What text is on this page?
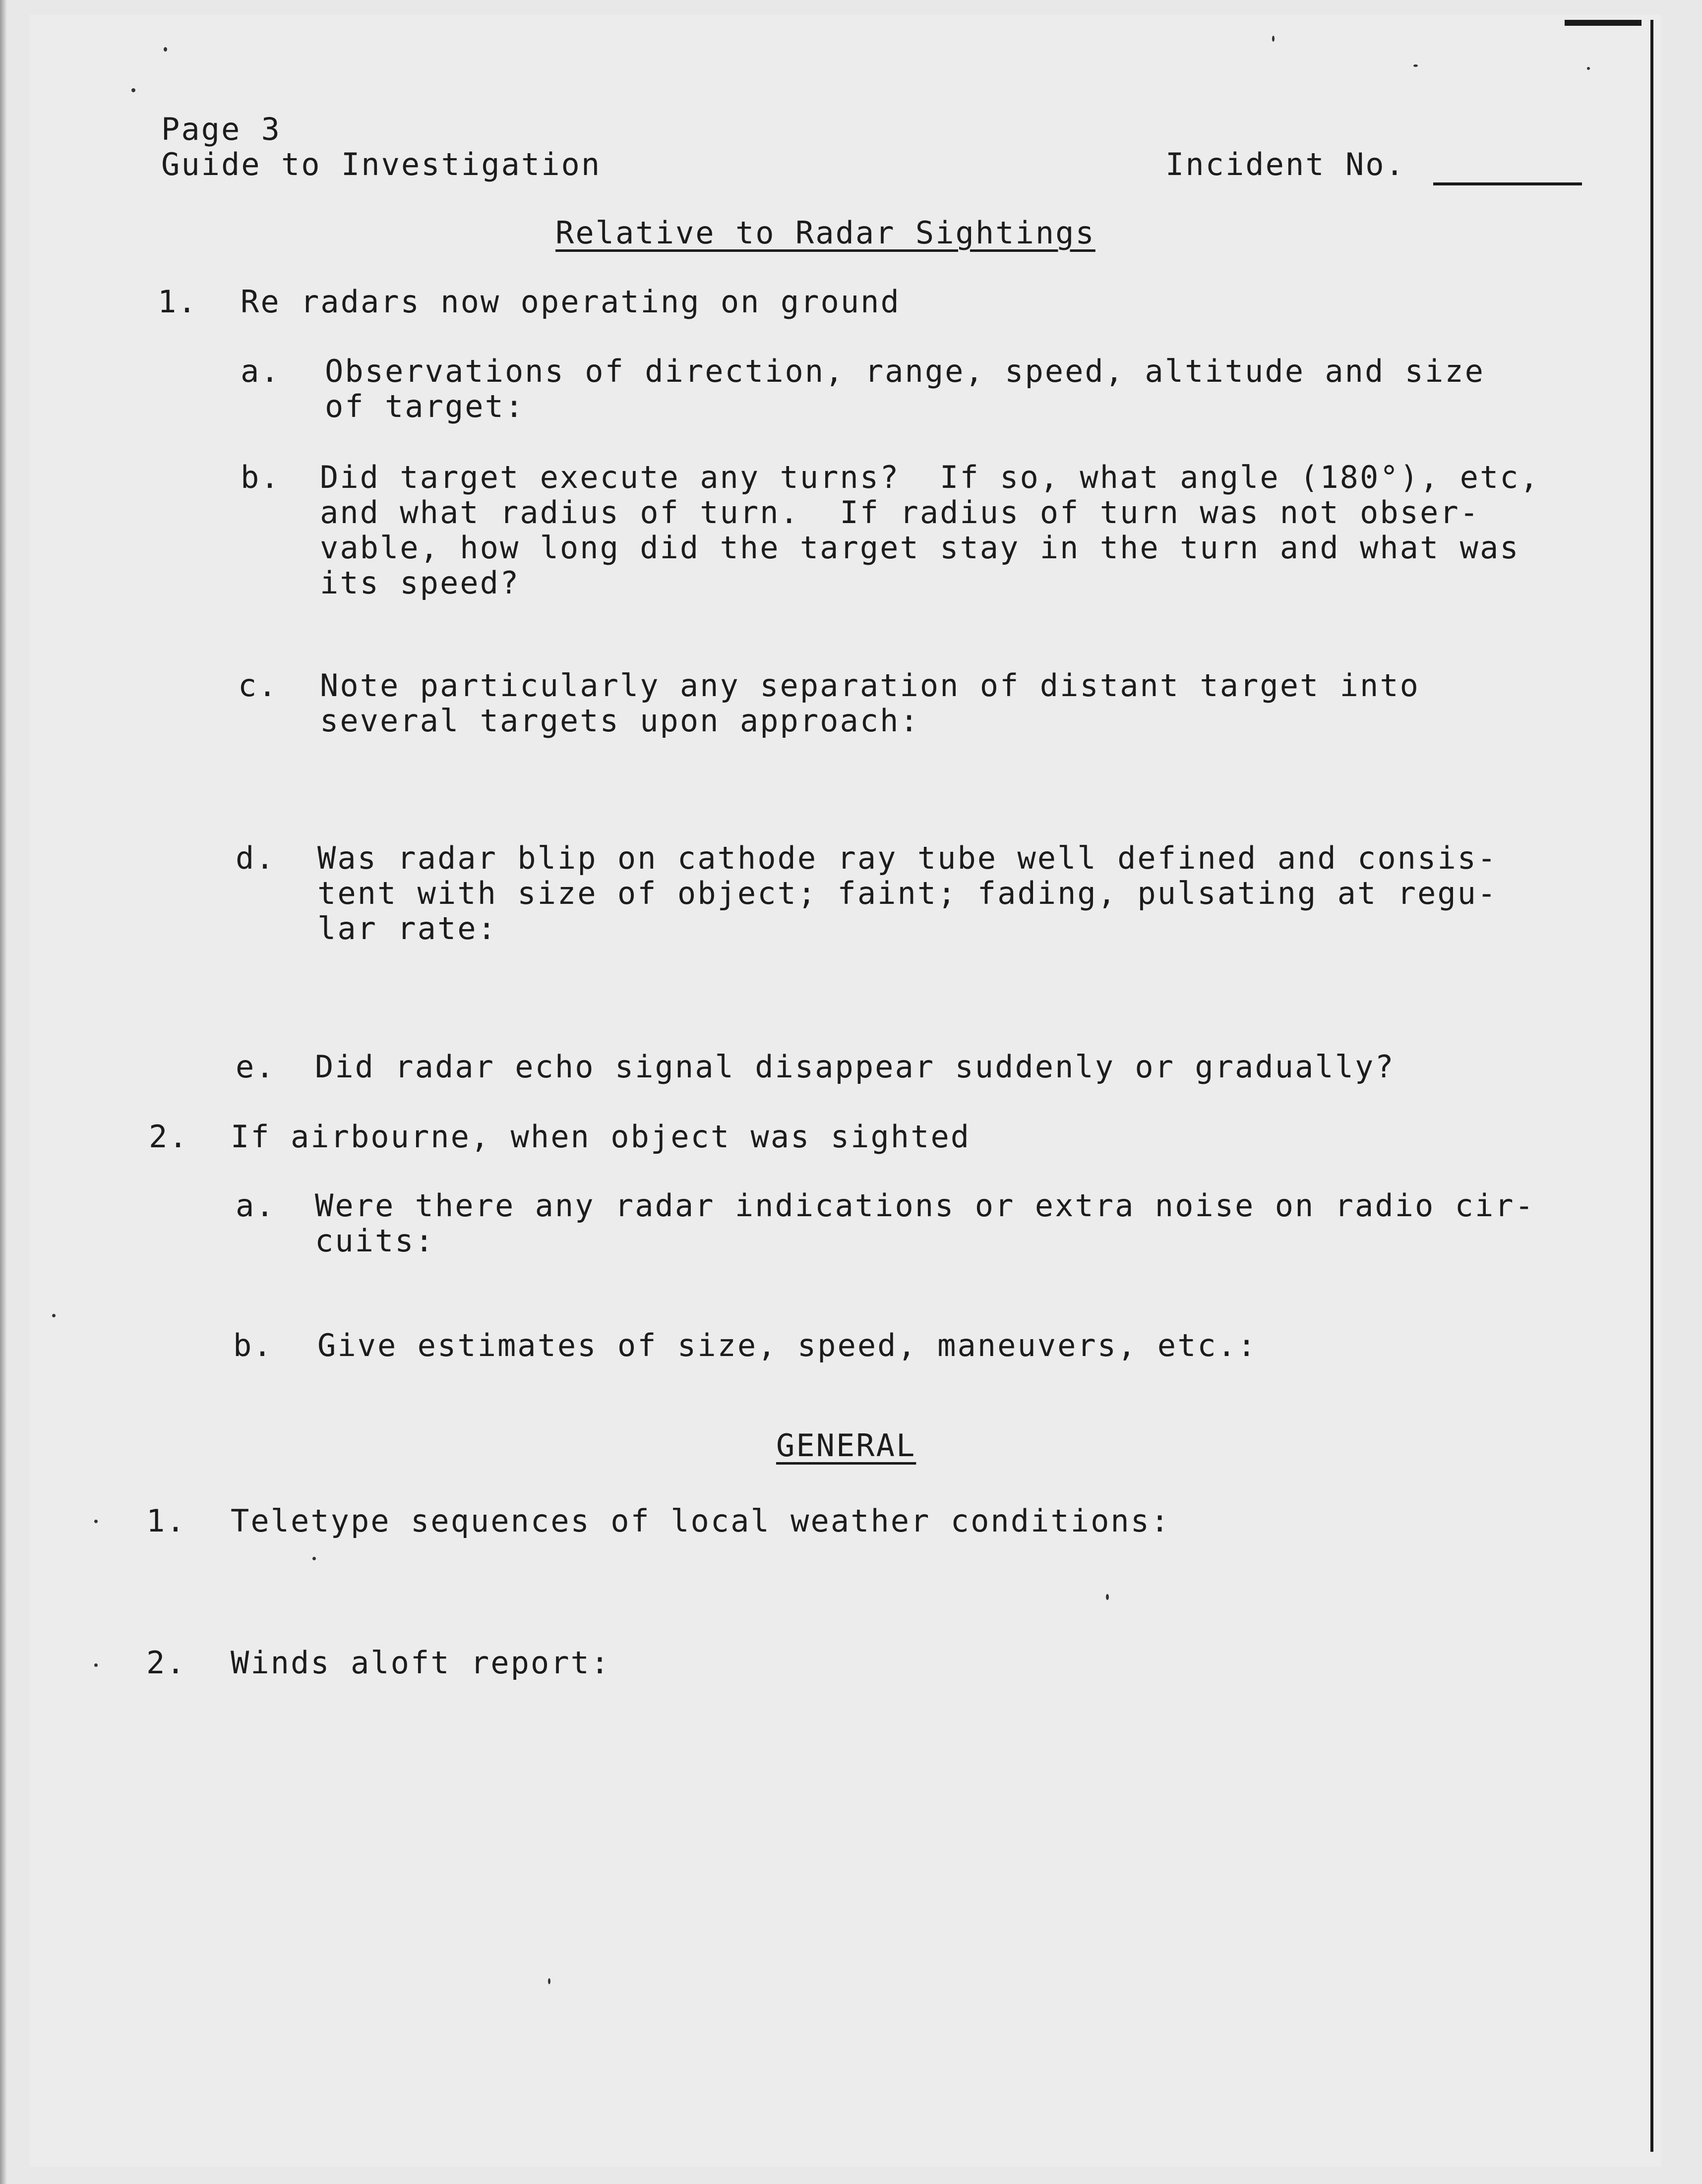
Page 3

Guide to Investigation	Incident No.

Relative to Radar Sightings

1. Re radars now operating on ground

a. Observations of direction, range, speed, altitude and size

of target:

b. Did target execute any turns?  If so, what angle (180°), etc,

and what radius of turn.  If radius of turn was not obser-

vable, how long did the target stay in the turn and what was

its speed?

c. Note particularly any separation of distant target into

several targets upon approach:

d. Was radar blip on cathode ray tube well defined and consis-

tent with size of object; faint; fading, pulsating at regu-

lar rate:

e. Did radar echo signal disappear suddenly or gradually?

2. If airbourne, when object was sighted

a. Were there any radar indications or extra noise on radio cir-

cuits:

b. Give estimates of size, speed, maneuvers, etc.:

GENERAL

1. Teletype sequences of local weather conditions:

2. Winds aloft report:
